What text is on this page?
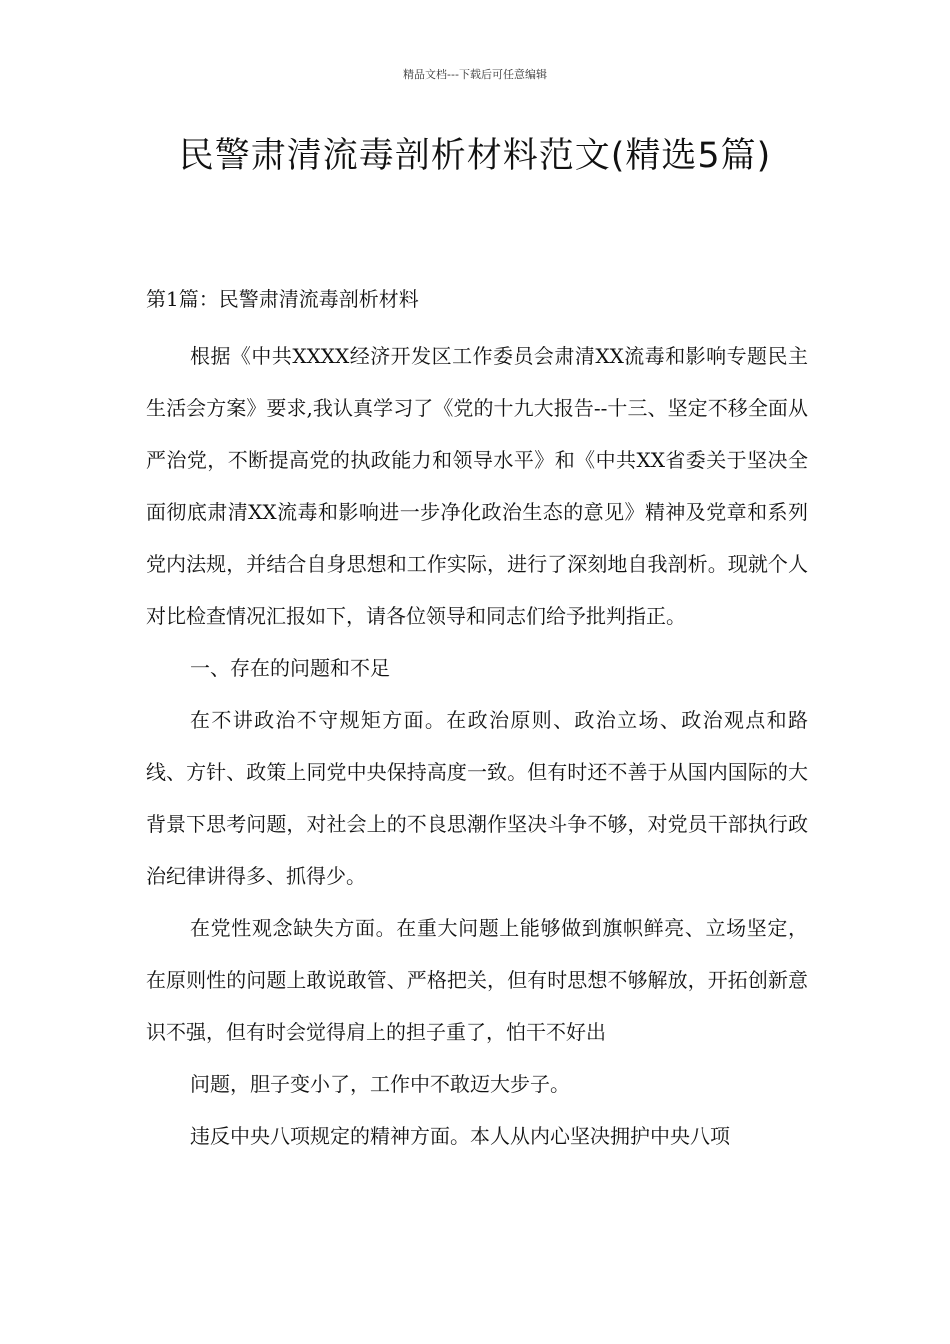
精品文档---下载后可任意编辑
民警肃清流毒剖析材料范文(精选5篇)
第1篇：民警肃清流毒剖析材料

根据《中共XXXX经济开发区工作委员会肃清XX流毒和影响专题民主生活会方案》要求,我认真学习了《党的十九大报告--十三、坚定不移全面从严治党，不断提高党的执政能力和领导水平》和《中共XX省委关于坚决全面彻底肃清XX流毒和影响进一步净化政治生态的意见》精神及党章和系列党内法规，并结合自身思想和工作实际，进行了深刻地自我剖析。现就个人对比检查情况汇报如下，请各位领导和同志们给予批判指正。

一、存在的问题和不足

在不讲政治不守规矩方面。在政治原则、政治立场、政治观点和路线、方针、政策上同党中央保持高度一致。但有时还不善于从国内国际的大背景下思考问题，对社会上的不良思潮作坚决斗争不够，对党员干部执行政治纪律讲得多、抓得少。

在党性观念缺失方面。在重大问题上能够做到旗帜鲜亮、立场坚定，在原则性的问题上敢说敢管、严格把关，但有时思想不够解放，开拓创新意识不强，但有时会觉得肩上的担子重了，怕干不好出

问题，胆子变小了，工作中不敢迈大步子。

违反中央八项规定的精神方面。本人从内心坚决拥护中央八项
